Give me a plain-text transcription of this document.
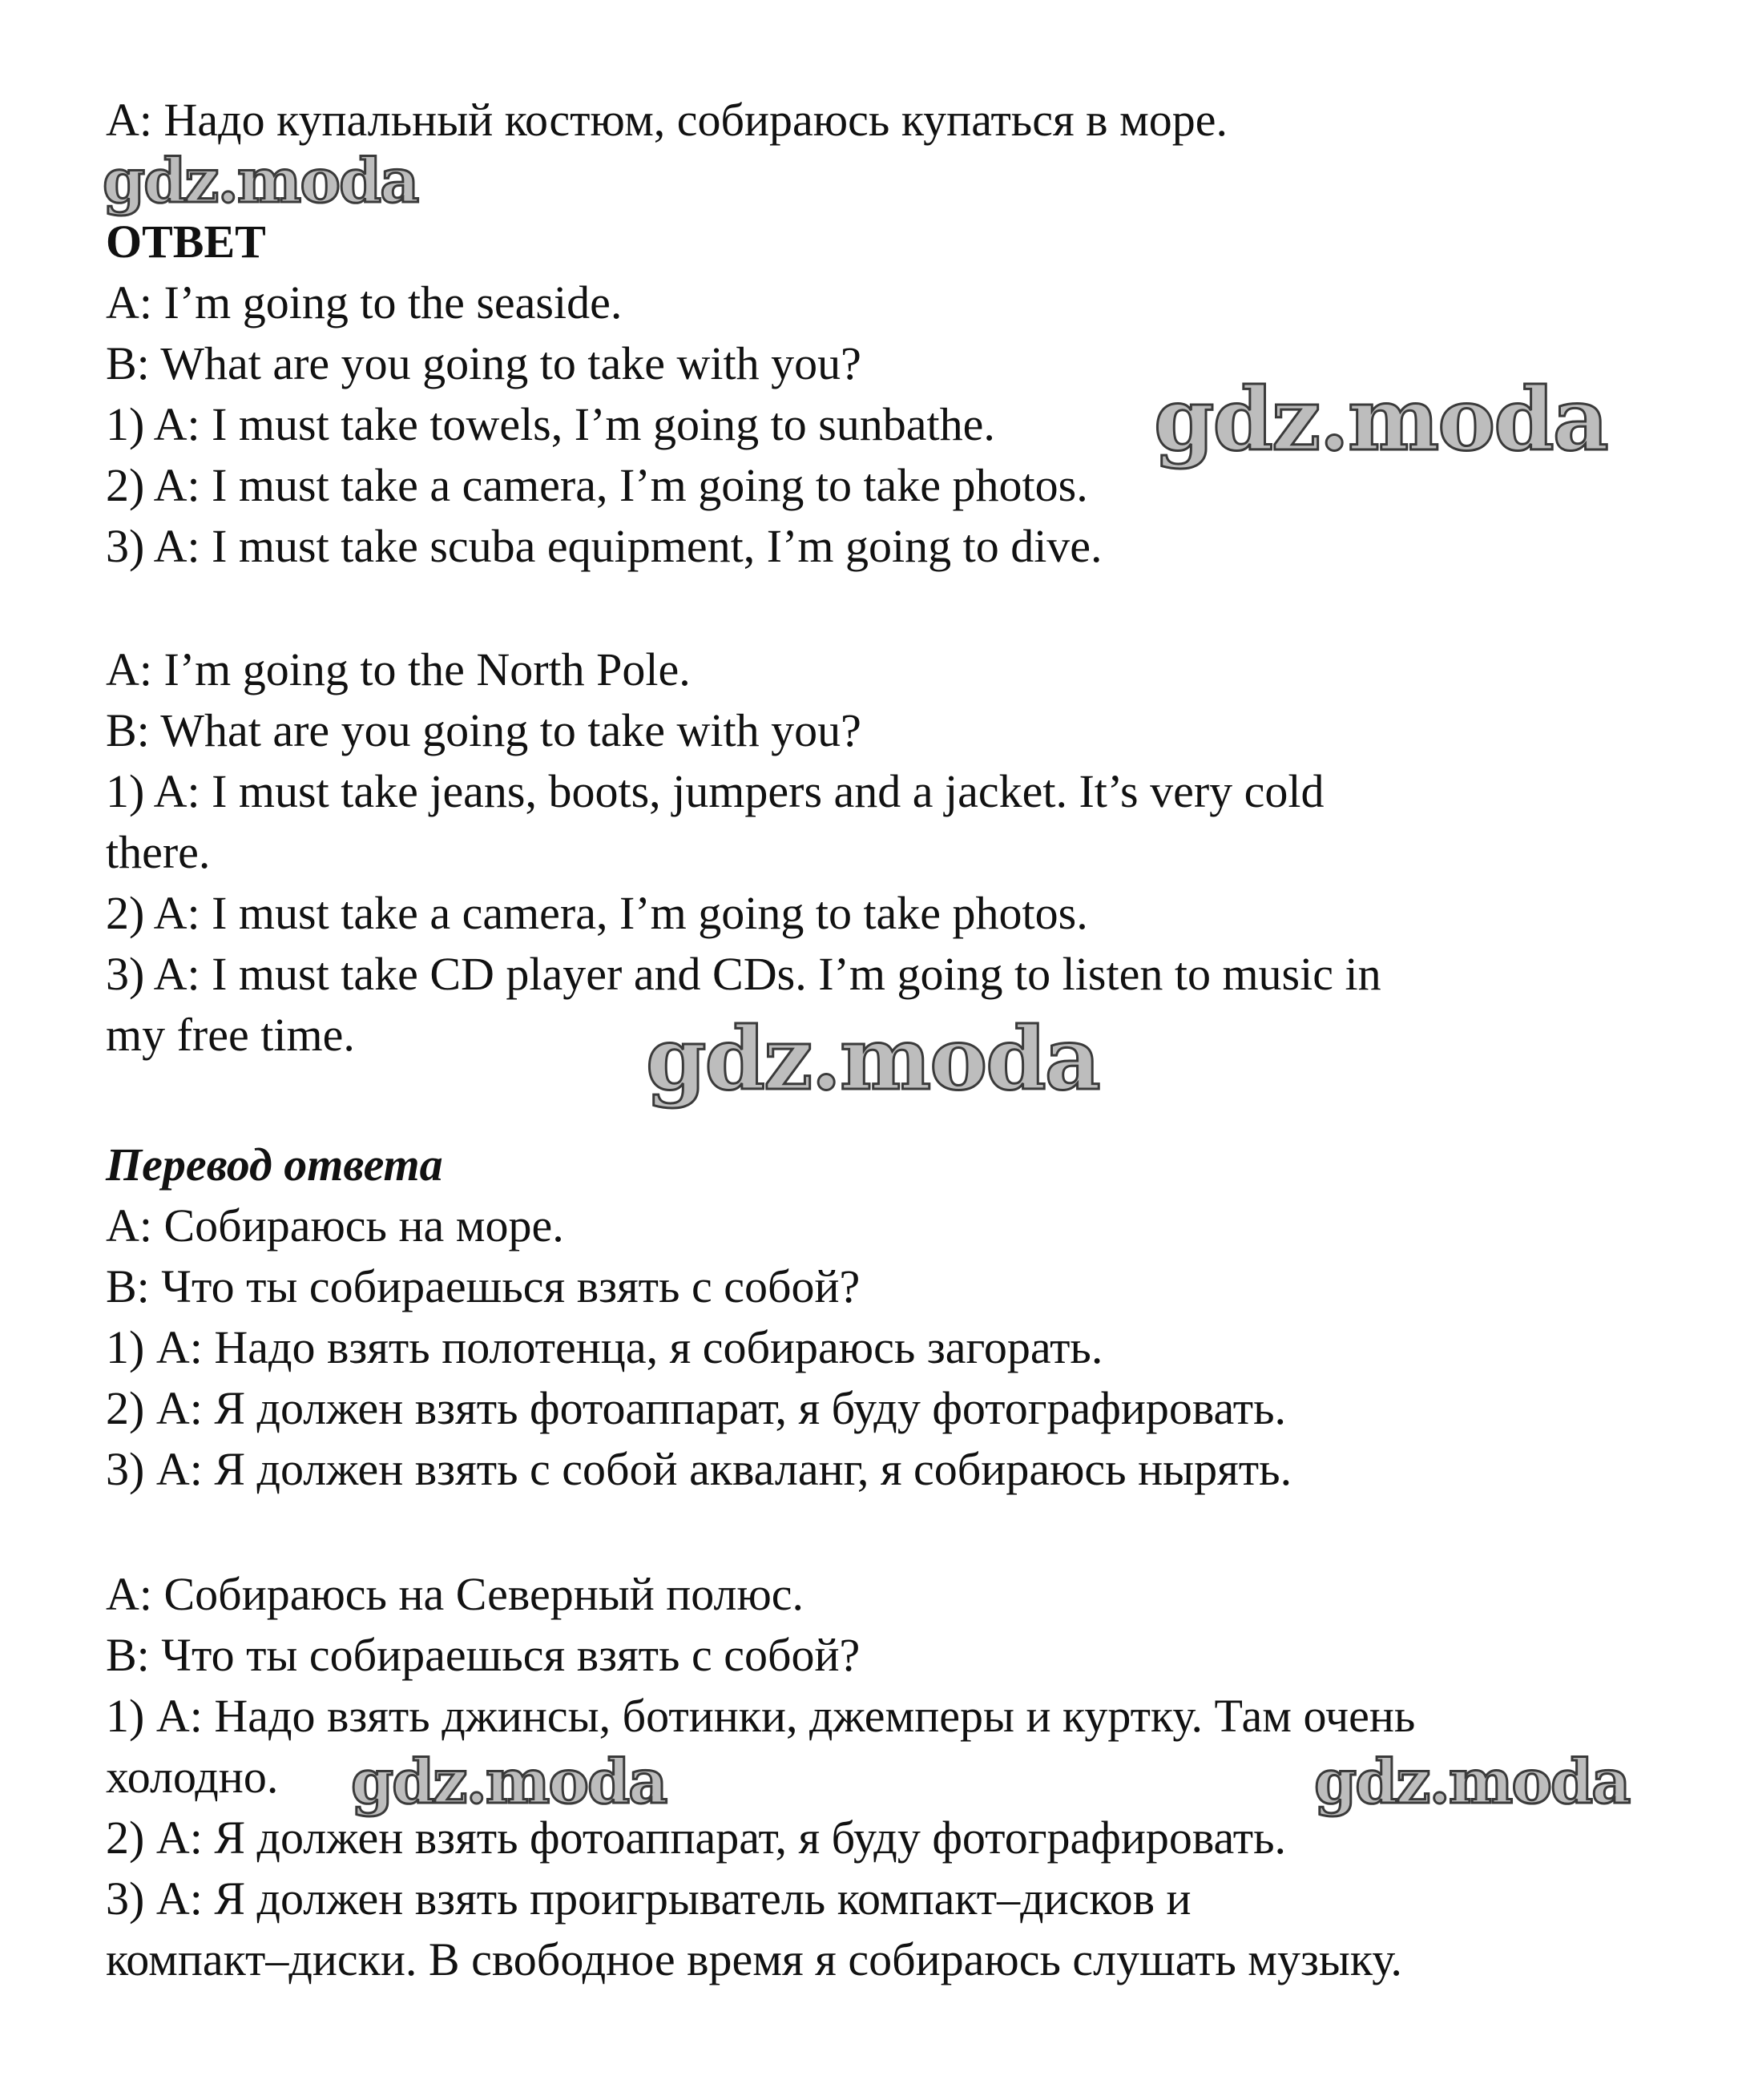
А: Надо купальный костюм, собираюсь купаться в море.
gdz.moda
ОТВЕТ
A: I’m going to the seaside.
B: What are you going to take with you?
1) A: I must take towels, I’m going to sunbathe. gdz.moda
2) A: I must take a camera, I’m going to take photos.
3) A: I must take scuba equipment, I’m going to dive.
A: I’m going to the North Pole.
B: What are you going to take with you?
1) A: I must take jeans, boots, jumpers and a jacket. It’s very cold
there.
2) A: I must take a camera, I’m going to take photos.
3) A: I must take CD player and CDs. I’m going to listen to music in
my free time.	gdz.moda
Перевод ответа
А: Собираюсь на море.
В: Что ты собираешься взять с собой?
1) А: Надо взять полотенца, я собираюсь загорать.
2) А: Я должен взять фотоаппарат, я буду фотографировать.
3) А: Я должен взять с собой акваланг, я собираюсь нырять.
А: Собираюсь на Северный полюс.
В: Что ты собираешься взять с собой?
1) А: Надо взять джинсы, ботинки, джемперы и куртку. Там очень
холодно. gdz.moda	gdz.moda
2) А: Я должен взять фотоаппарат, я буду фотографировать.
3) А: Я должен взять проигрыватель компакт–дисков и
компакт–диски. В свободное время я собираюсь слушать музыку.
